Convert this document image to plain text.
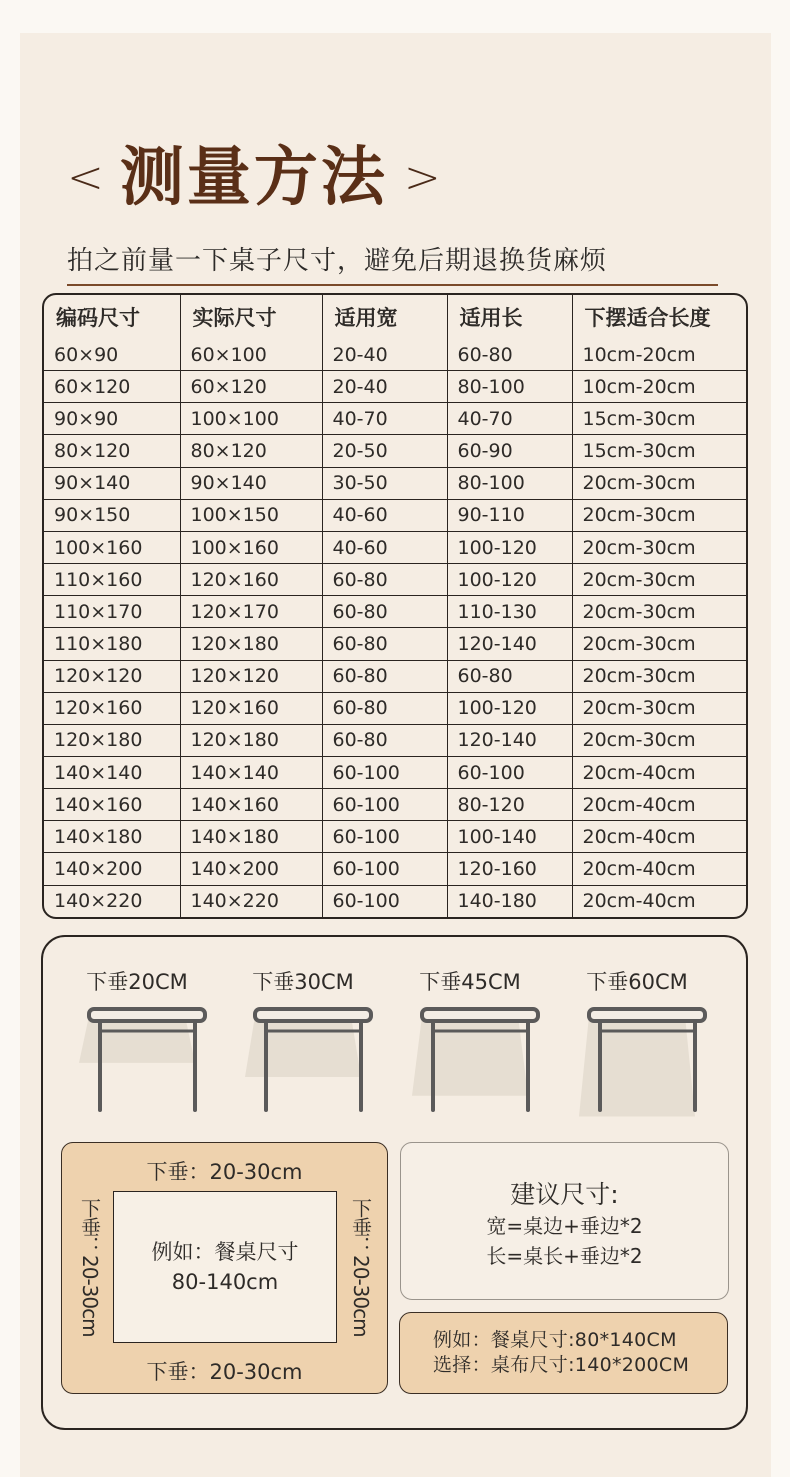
< 测量方法 >
拍之前量一下桌子尺寸，避免后期退换货麻烦
编码尺寸	实际尺寸	适用宽	适用长	下摆适合长度
60×90	60×100	20-40	60-80	10cm-20cm
60×120	60×120	20-40	80-100	10cm-20cm
90×90	100×100	40-70	40-70	15cm-30cm
80×120	80×120	20-50	60-90	15cm-30cm
90×140	90×140	30-50	80-100	20cm-30cm
90×150	100×150	40-60	90-110	20cm-30cm
100×160	100×160	40-60	100-120	20cm-30cm
110×160	120×160	60-80	100-120	20cm-30cm
110×170	120×170	60-80	110-130	20cm-30cm
110×180	120×180	60-80	120-140	20cm-30cm
120×120	120×120	60-80	60-80	20cm-30cm
120×160	120×160	60-80	100-120	20cm-30cm
120×180	120×180	60-80	120-140	20cm-30cm
140×140	140×140	60-100	60-100	20cm-40cm
140×160	140×160	60-100	80-120	20cm-40cm
140×180	140×180	60-100	100-140	20cm-40cm
140×200	140×200	60-100	120-160	20cm-40cm
140×220	140×220	60-100	140-180	20cm-40cm
下垂20CM	下垂30CM	下垂45CM	下垂60CM
下垂：20-30cm
下垂：20-30cm
下垂：
20-30cm
下垂：
20-30cm
例如：餐桌尺寸
80-140cm
建议尺寸:
宽=桌边+垂边*2
长=桌长+垂边*2
例如：餐桌尺寸:80*140CM
选择：桌布尺寸:140*200CM
